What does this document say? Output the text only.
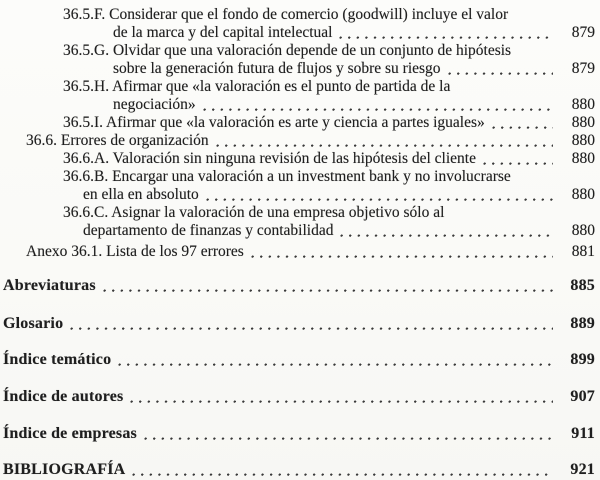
36.5.F. Considerar que el fondo de comercio (goodwill) incluye el valor
de la marca y del capital intelectual	879
36.5.G. Olvidar que una valoración depende de un conjunto de hipótesis
sobre la generación futura de flujos y sobre su riesgo	879
36.5.H. Afirmar que «la valoración es el punto de partida de la
negociación»	880
36.5.I. Afirmar que «la valoración es arte y ciencia a partes iguales»	880
36.6. Errores de organización	880
36.6.A. Valoración sin ninguna revisión de las hipótesis del cliente	880
36.6.B. Encargar una valoración a un investment bank y no involucrarse
en ella en absoluto	880
36.6.C. Asignar la valoración de una empresa objetivo sólo al
departamento de finanzas y contabilidad	880
Anexo 36.1. Lista de los 97 errores	881
Abreviaturas	885
Glosario	889
Índice temático	899
Índice de autores	907
Índice de empresas	911
BIBLIOGRAFÍA	921
